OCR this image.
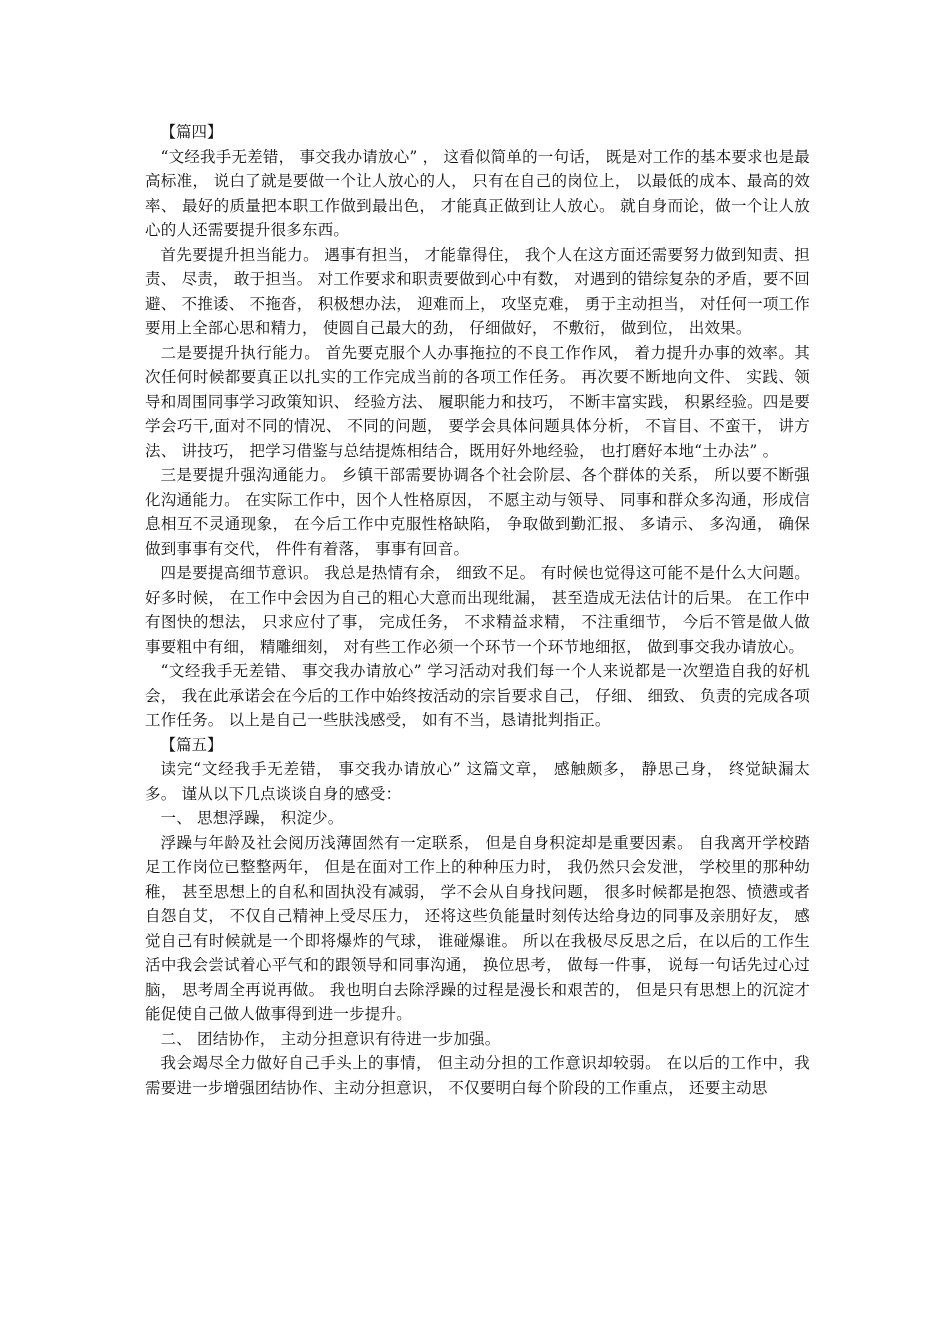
【篇四】

“文经我手无差错， 事交我办请放心” ， 这看似简单的一句话， 既是对工作的基本要求也是最高标准， 说白了就是要做一个让人放心的人， 只有在自己的岗位上， 以最低的成本、最高的效率、 最好的质量把本职工作做到最出色， 才能真正做到让人放心。 就自身而论，做一个让人放心的人还需要提升很多东西。

首先要提升担当能力。 遇事有担当， 才能靠得住， 我个人在这方面还需要努力做到知责、担责、 尽责， 敢于担当。 对工作要求和职责要做到心中有数， 对遇到的错综复杂的矛盾，要不回避、 不推诿、 不拖沓， 积极想办法， 迎难而上， 攻坚克难， 勇于主动担当， 对任何一项工作要用上全部心思和精力， 使圆自己最大的劲， 仔细做好， 不敷衍， 做到位， 出效果。

二是要提升执行能力。 首先要克服个人办事拖拉的不良工作作风， 着力提升办事的效率。其次任何时候都要真正以扎实的工作完成当前的各项工作任务。 再次要不断地向文件、 实践、领导和周围同事学习政策知识、 经验方法、 履职能力和技巧， 不断丰富实践， 积累经验。四是要学会巧干,面对不同的情况、 不同的问题， 要学会具体问题具体分析， 不盲目、不蛮干， 讲方法、 讲技巧， 把学习借鉴与总结提炼相结合，既用好外地经验， 也打磨好本地“土办法” 。

三是要提升强沟通能力。 乡镇干部需要协调各个社会阶层、各个群体的关系， 所以要不断强化沟通能力。 在实际工作中，因个人性格原因， 不愿主动与领导、 同事和群众多沟通，形成信息相互不灵通现象， 在今后工作中克服性格缺陷， 争取做到勤汇报、 多请示、 多沟通， 确保做到事事有交代， 件件有着落， 事事有回音。

四是要提高细节意识。 我总是热情有余， 细致不足。 有时候也觉得这可能不是什么大问题。好多时候， 在工作中会因为自己的粗心大意而出现纰漏， 甚至造成无法估计的后果。 在工作中有图快的想法， 只求应付了事， 完成任务， 不求精益求精， 不注重细节， 今后不管是做人做事要粗中有细， 精雕细刻， 对有些工作必须一个环节一个环节地细抠， 做到事交我办请放心。

“文经我手无差错、 事交我办请放心” 学习活动对我们每一个人来说都是一次塑造自我的好机会， 我在此承诺会在今后的工作中始终按活动的宗旨要求自己， 仔细、 细致、 负责的完成各项工作任务。 以上是自己一些肤浅感受， 如有不当，恳请批判指正。

【篇五】

读完“文经我手无差错， 事交我办请放心” 这篇文章， 感触颇多， 静思己身， 终觉缺漏太多。 谨从以下几点谈谈自身的感受：

一、 思想浮躁， 积淀少。

浮躁与年龄及社会阅历浅薄固然有一定联系， 但是自身积淀却是重要因素。 自我离开学校踏足工作岗位已整整两年， 但是在面对工作上的种种压力时， 我仍然只会发泄， 学校里的那种幼稚， 甚至思想上的自私和固执没有减弱， 学不会从自身找问题， 很多时候都是抱怨、愤懑或者自怨自艾， 不仅自己精神上受尽压力， 还将这些负能量时刻传达给身边的同事及亲朋好友， 感觉自己有时候就是一个即将爆炸的气球， 谁碰爆谁。 所以在我极尽反思之后，在以后的工作生活中我会尝试着心平气和的跟领导和同事沟通， 换位思考， 做每一件事， 说每一句话先过心过脑， 思考周全再说再做。 我也明白去除浮躁的过程是漫长和艰苦的， 但是只有思想上的沉淀才能促使自己做人做事得到进一步提升。

二、 团结协作， 主动分担意识有待进一步加强。

我会竭尽全力做好自己手头上的事情， 但主动分担的工作意识却较弱。 在以后的工作中，我需要进一步增强团结协作、主动分担意识， 不仅要明白每个阶段的工作重点， 还要主动思
